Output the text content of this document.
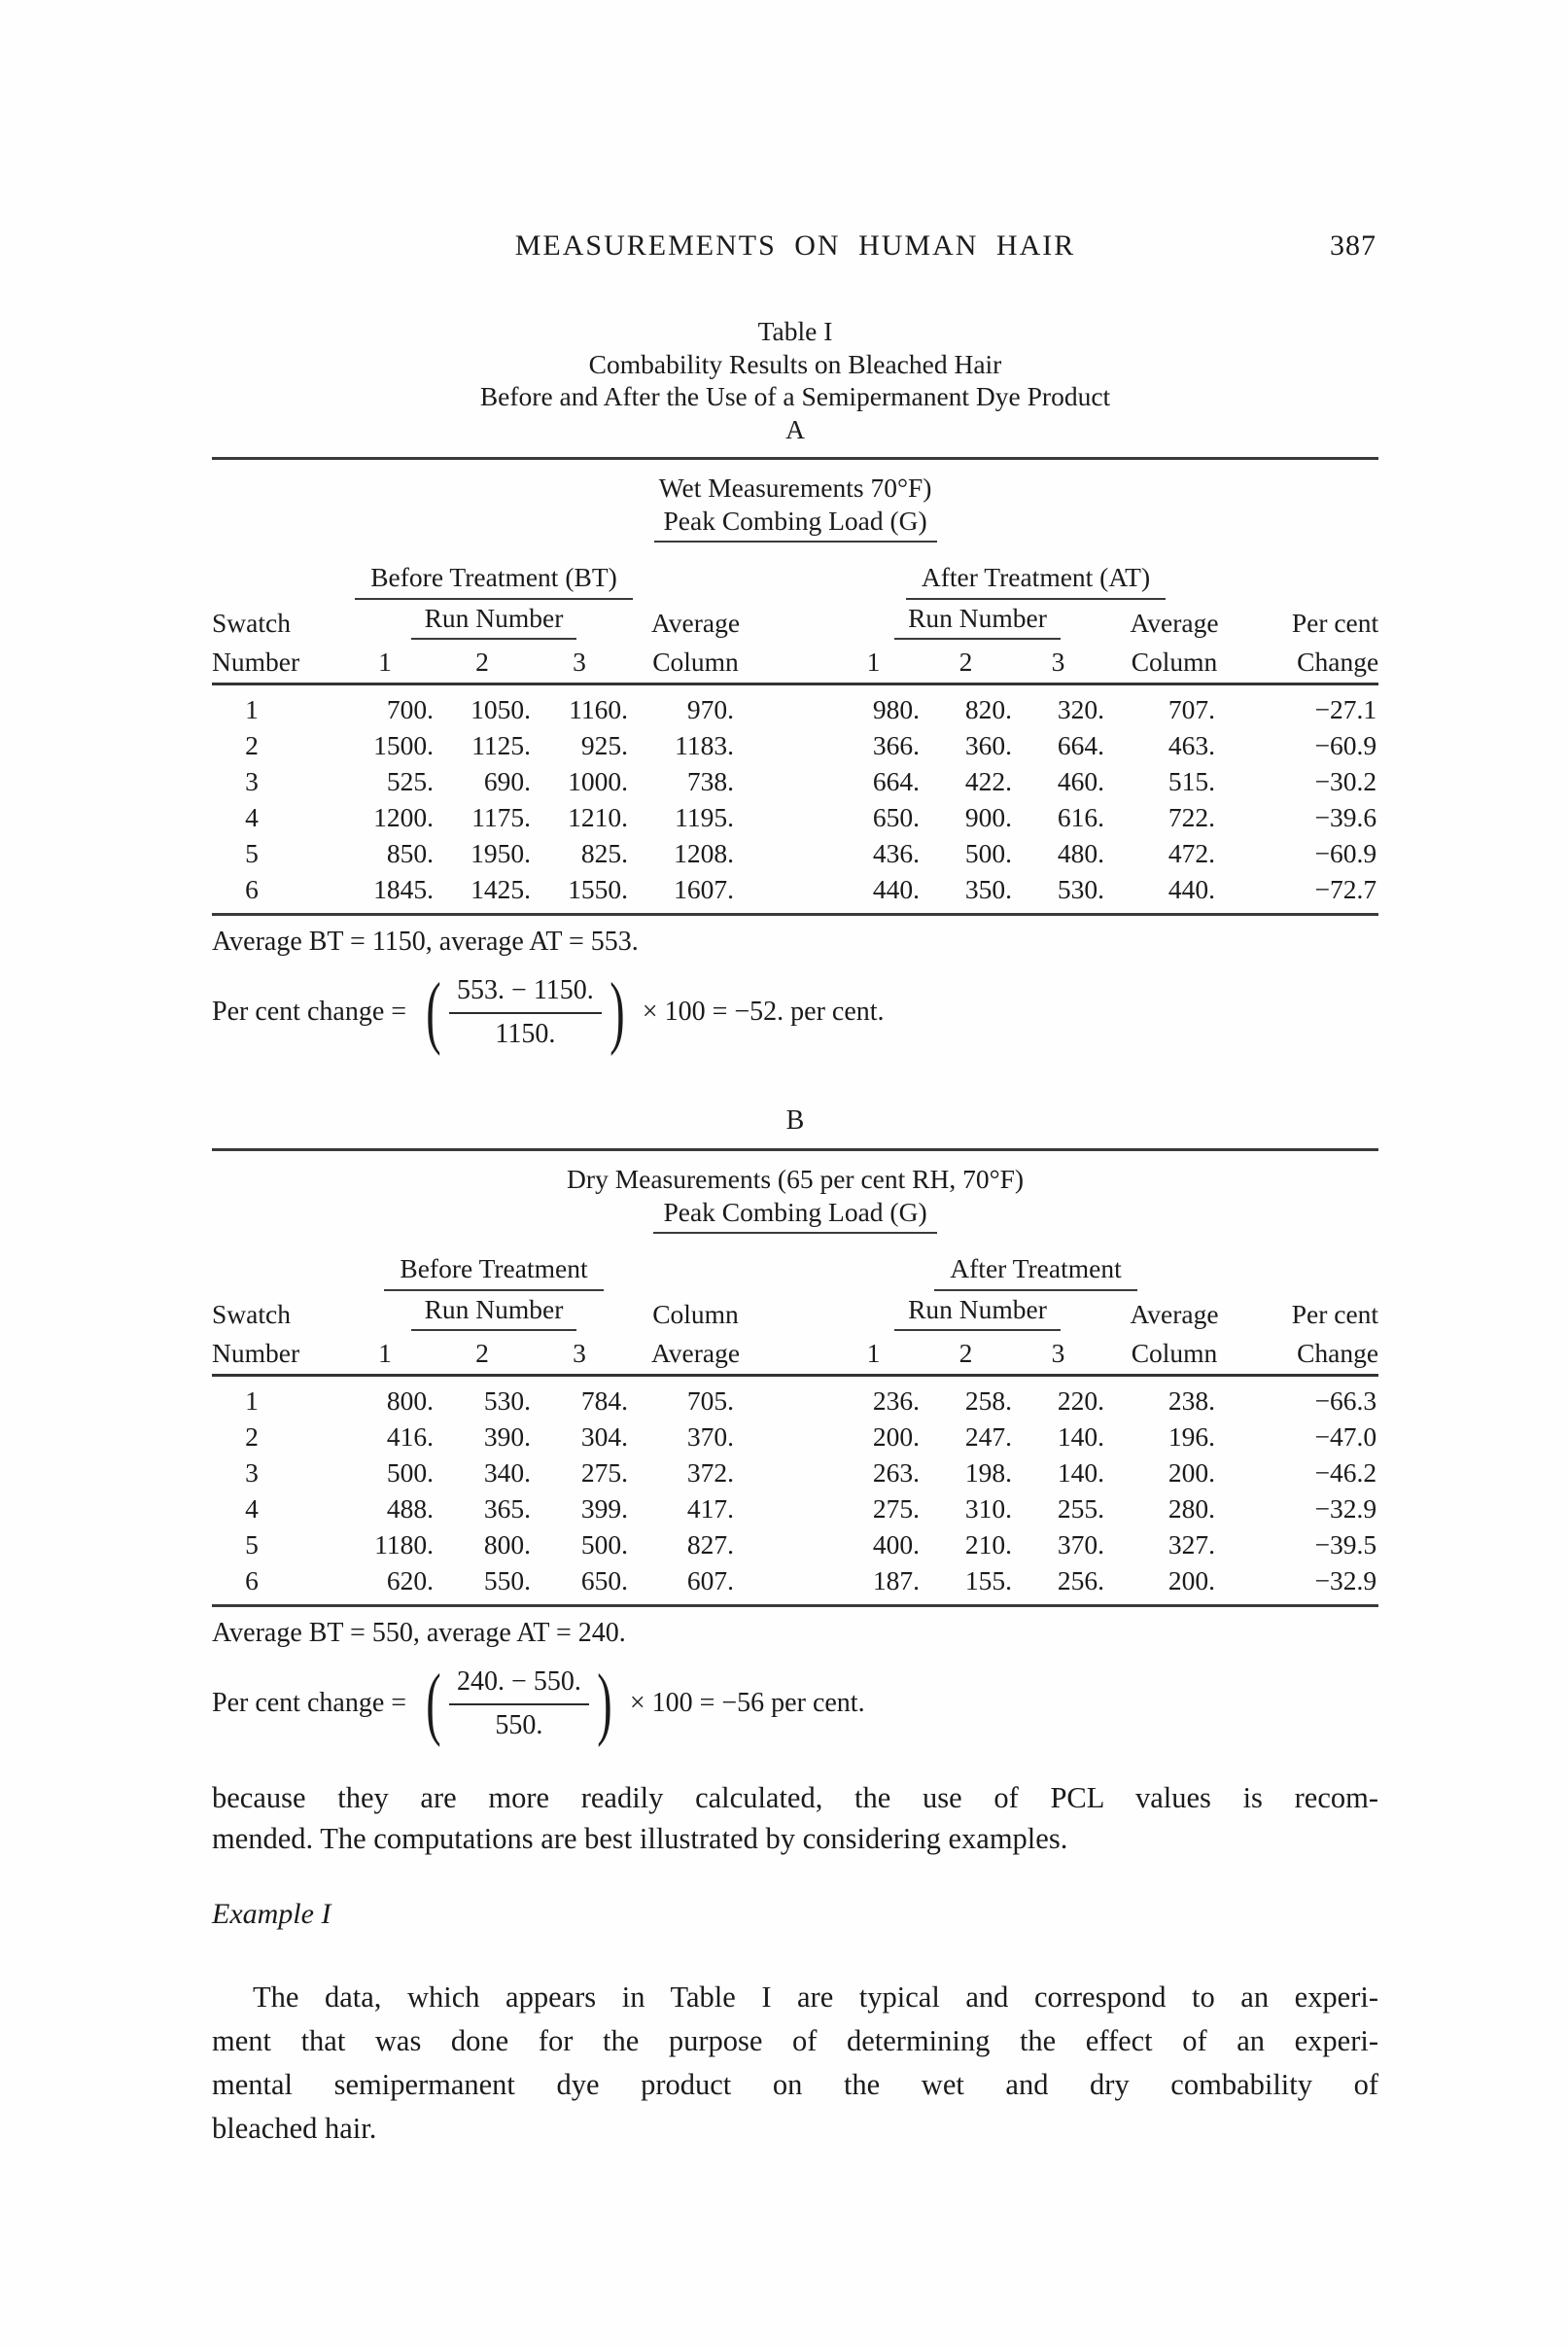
MEASUREMENTS ON HUMAN HAIR	387
Table I
Combability Results on Bleached Hair
Before and After the Use of a Semipermanent Dye Product
A
Wet Measurements 70°F)
Peak Combing Load (G)										
	Before Treatment (BT)					After Treatment (AT)				
Swatch	Run Number			Average		Run Number			Average	Per cent
Number	1	2	3	Column		1	2	3	Column	Change
1	700.	1050.	1160.	970.		980.	820.	320.	707.	−27.1
2	1500.	1125.	925.	1183.		366.	360.	664.	463.	−60.9
3	525.	690.	1000.	738.		664.	422.	460.	515.	−30.2
4	1200.	1175.	1210.	1195.		650.	900.	616.	722.	−39.6
5	850.	1950.	825.	1208.		436.	500.	480.	472.	−60.9
6	1845.	1425.	1550.	1607.		440.	350.	530.	440.	−72.7
Average BT = 1150, average AT = 553.
Per cent change = ( $\frac{553. - 1150.}{1150.}$ ) × 100 = −52. per cent.
B
Dry Measurements (65 per cent RH, 70°F)
Peak Combing Load (G)										
	Before Treatment					After Treatment				
Swatch	Run Number			Column		Run Number			Average	Per cent
Number	1	2	3	Average		1	2	3	Column	Change
1	800.	530.	784.	705.		236.	258.	220.	238.	−66.3
2	416.	390.	304.	370.		200.	247.	140.	196.	−47.0
3	500.	340.	275.	372.		263.	198.	140.	200.	−46.2
4	488.	365.	399.	417.		275.	310.	255.	280.	−32.9
5	1180.	800.	500.	827.		400.	210.	370.	327.	−39.5
6	620.	550.	650.	607.		187.	155.	256.	200.	−32.9
Average BT = 550, average AT = 240.
Per cent change = ( $\frac{240. - 550.}{550.}$ ) × 100 = −56 per cent.
because they are more readily calculated, the use of PCL values is recom-
mended. The computations are best illustrated by considering examples.
Example I
The data, which appears in Table I are typical and correspond to an experi-
ment that was done for the purpose of determining the effect of an experi-
mental semipermanent dye product on the wet and dry combability of
bleached hair.
